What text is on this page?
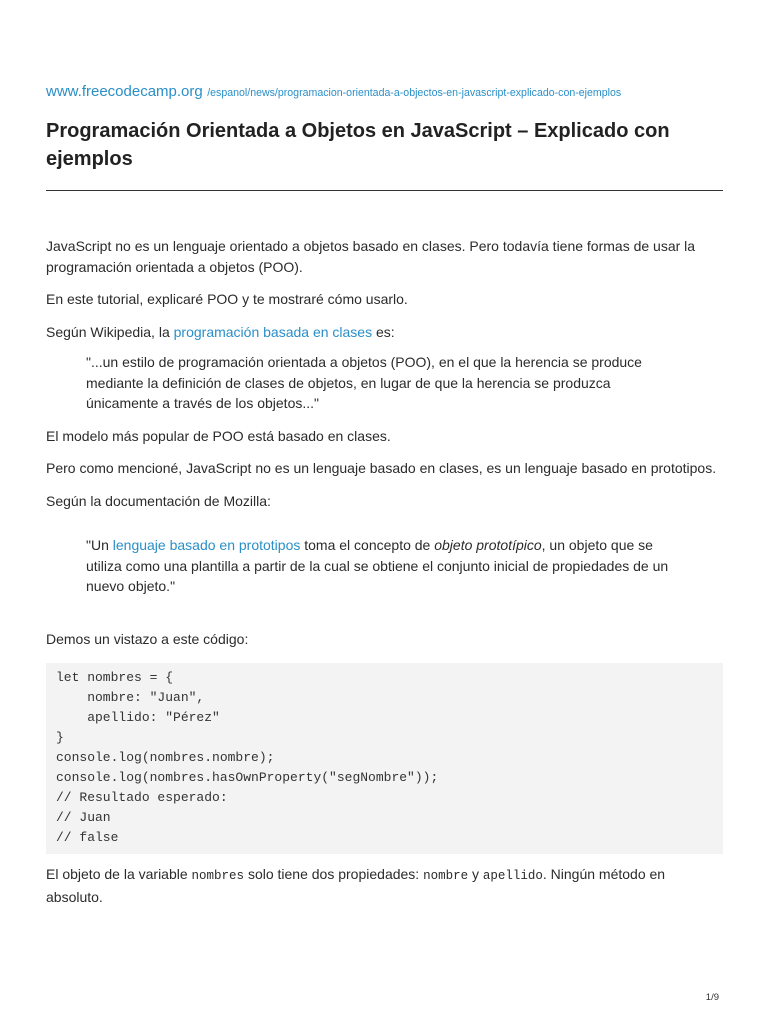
www.freecodecamp.org /espanol/news/programacion-orientada-a-objectos-en-javascript-explicado-con-ejemplos
Programación Orientada a Objetos en JavaScript – Explicado con ejemplos

JavaScript no es un lenguaje orientado a objetos basado en clases. Pero todavía tiene formas de usar la programación orientada a objetos (POO).

En este tutorial, explicaré POO y te mostraré cómo usarlo.

Según Wikipedia, la programación basada en clases es:

"...un estilo de programación orientada a objetos (POO), en el que la herencia se produce mediante la definición de clases de objetos, en lugar de que la herencia se produzca únicamente a través de los objetos..."

El modelo más popular de POO está basado en clases.

Pero como mencioné, JavaScript no es un lenguaje basado en clases, es un lenguaje basado en prototipos.

Según la documentación de Mozilla:

"Un lenguaje basado en prototipos toma el concepto de objeto prototípico, un objeto que se utiliza como una plantilla a partir de la cual se obtiene el conjunto inicial de propiedades de un nuevo objeto."

Demos un vistazo a este código:

let nombres = {
nombre: "Juan",
apellido: "Pérez"
}
console.log(nombres.nombre);
console.log(nombres.hasOwnProperty("segNombre"));
// Resultado esperado:
// Juan
// false

El objeto de la variable nombres solo tiene dos propiedades: nombre y apellido. Ningún método en absoluto.

1/9
